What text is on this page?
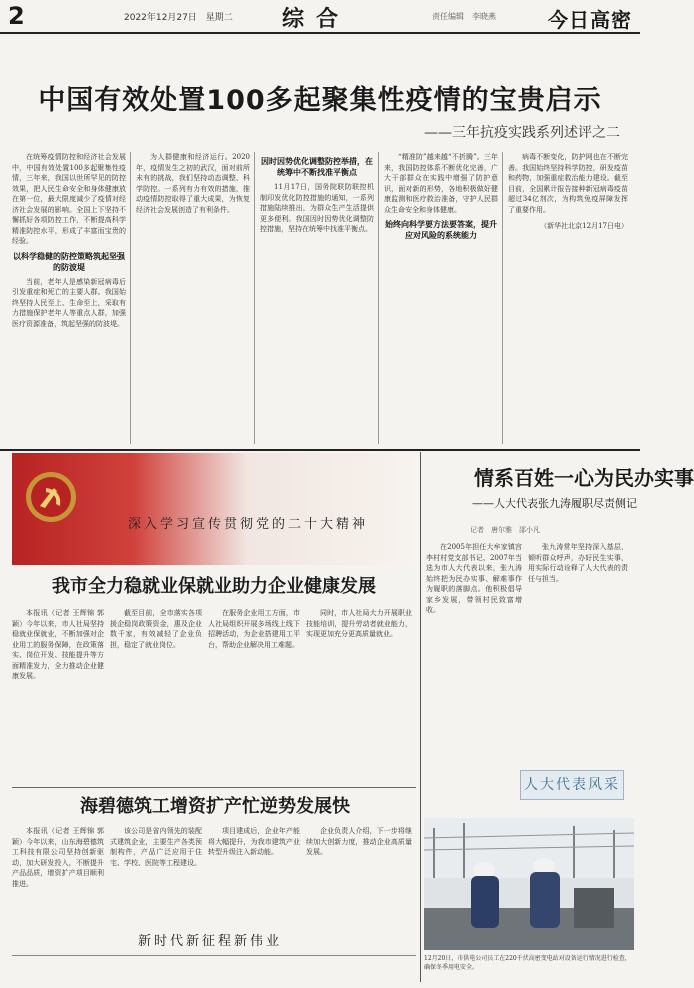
2	2022年12月27日　星期二 综合	责任编辑　李晓燕	今日高密
中国有效处置100多起聚集性疫情的宝贵启示
——三年抗疫实践系列述评之二

在统筹疫情防控和经济社会发展中，中国有效处置100多起聚集性疫情，三年来，我国以世所罕见的防控效果，把人民生命安全和身体健康放在第一位，最大限度减少了疫情对经济社会发展的影响。全国上下坚持不懈抓好各项防控工作，不断提高科学精准防控水平，形成了丰富而宝贵的经验。

以科学稳健的防控策略筑起坚强的防波堤

当前，老年人是感染新冠病毒后引发重症和死亡的主要人群。我国始终坚持人民至上、生命至上，采取有力措施保护老年人等重点人群，加强医疗资源准备，筑起坚强的防波堤。

为人群健康和经济运行。2020年，疫情发生之初的武汉，面对前所未有的挑战，我们坚持动态调整、科学防控。一系列有力有效的措施，推动疫情防控取得了重大成果，为恢复经济社会发展创造了有利条件。

因时因势优化调整防控举措，在统筹中不断找准平衡点

11月17日，国务院联防联控机制印发优化防控措施的通知，一系列措施陆续推出，为群众生产生活提供更多便利。我国因时因势优化调整防控措施，坚持在统筹中找准平衡点。

“精准防”越来越“不折腾”。三年来，我国防控体系不断优化完善，广大干部群众在实践中增强了防护意识，面对新的形势，各地积极做好健康监测和医疗救治准备，守护人民群众生命安全和身体健康。

始终向科学要方法要答案，提升应对风险的系统能力

病毒不断变化，防护网也在不断完善。我国始终坚持科学防控，研发疫苗和药物，加强重症救治能力建设。截至目前，全国累计报告接种新冠病毒疫苗超过34亿剂次，为构筑免疫屏障发挥了重要作用。

（新华社北京12月17日电）

深入学习宣传贯彻党的二十大精神
我市全力稳就业保就业助力企业健康发展

本报讯（记者 王辉锦 郭颖）今年以来，市人社局坚持稳就业保就业，不断加强对企业用工的服务保障，在政策落实、岗位开发、技能提升等方面精准发力，全力推动企业健康发展。

截至目前，全市落实各项援企稳岗政策资金，惠及企业数千家，有效减轻了企业负担，稳定了就业岗位。

在服务企业用工方面，市人社局组织开展多场线上线下招聘活动，为企业搭建用工平台，帮助企业解决用工难题。

同时，市人社局大力开展职业技能培训，提升劳动者就业能力，实现更加充分更高质量就业。

海碧德筑工增资扩产忙逆势发展快

本报讯（记者 王辉锦 郭颖）今年以来，山东海碧德筑工科技有限公司坚持创新驱动，加大研发投入，不断提升产品品质，增资扩产项目顺利推进。

该公司是省内领先的装配式建筑企业，主要生产各类预制构件，产品广泛应用于住宅、学校、医院等工程建设。

项目建成后，企业年产能将大幅提升，为我市建筑产业转型升级注入新动能。

企业负责人介绍，下一步将继续加大创新力度，推动企业高质量发展。

新时代新征程新伟业
情系百姓一心为民办实事
——人大代表张九涛履职尽责侧记
记者　唐尔雅　邵小凡

在2005年担任大牟家镇宫李村村党支部书记、2007年当选为市人大代表以来，张九涛始终把为民办实事、解难事作为履职的落脚点。他积极倡导家乡发展，带领村民致富增收。

张九涛常年坚持深入基层，倾听群众呼声，办好民生实事，用实际行动诠释了人大代表的责任与担当。

人大代表风采
12月20日，市供电公司员工在220千伏高密变电站对设备运行情况进行检查，确保冬季用电安全。
